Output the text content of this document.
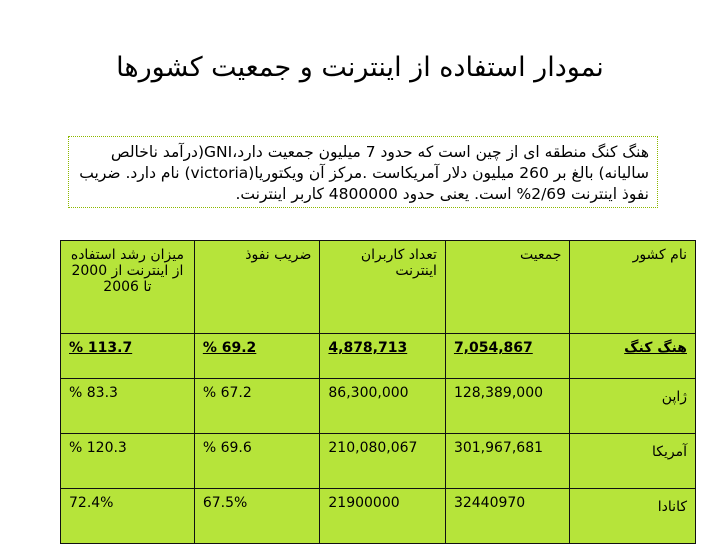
نمودار استفاده از اینترنت و جمعیت کشورها
هنگ کنگ منطقه ای از چین است که حدود 7 میلیون جمعیت دارد،GNI(درآمد ناخالص سالیانه) بالغ بر 260 میلیون دلار آمریکاست .مرکز آن ویکتوریا(victoria) نام دارد. ضریب نفوذ اینترنت 2/69% است. یعنی حدود 4800000 کاربر اینترنت.
نام کشور	جمعیت	تعداد کاربران اینترنت	ضریب نفوذ	میزان رشد استفاده از اینترنت از 2000 تا 2006
هنگ کنگ	7,054,867	4,878,713	% 69.2	% 113.7
ژاپن	128,389,000	86,300,000	% 67.2	% 83.3
آمریکا	301,967,681	210,080,067	% 69.6	% 120.3
کانادا	32440970	21900000	67.5%	72.4%
